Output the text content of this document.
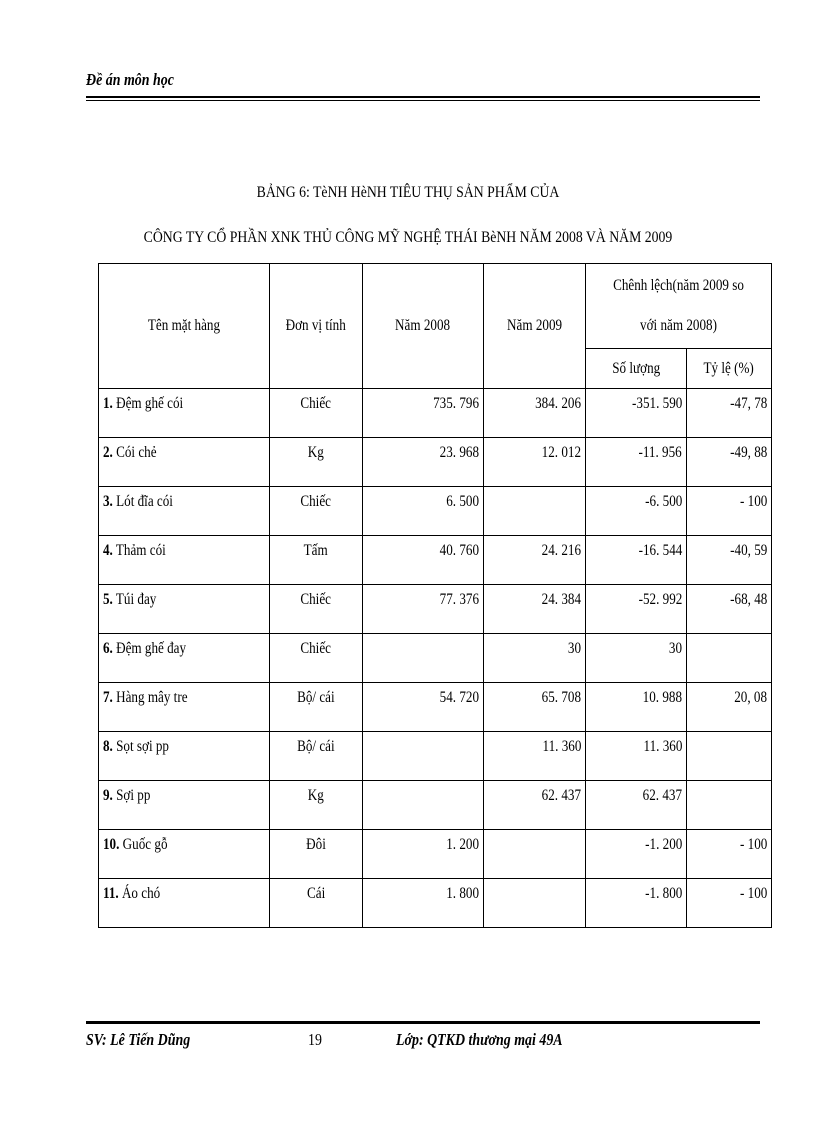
Đề án môn học
BẢNG 6: TèNH HèNH TIÊU THỤ SẢN PHẨM CỦA
CÔNG TY CỔ PHẦN XNK THỦ CÔNG MỸ NGHỆ THÁI BèNH NĂM 2008 VÀ NĂM 2009
Tên mặt hàng	Đơn vị tính	Năm 2008	Năm 2009	Chênh lệch(năm 2009 so với năm 2008)	
				Số lượng	Tỷ lệ (%)
1. Đệm ghế cói	Chiếc	735. 796	384. 206	-351. 590	-47, 78
2. Cói chẻ	Kg	23. 968	12. 012	-11. 956	-49, 88
3. Lót đĩa cói	Chiếc	6. 500		-6. 500	- 100
4. Thảm cói	Tấm	40. 760	24. 216	-16. 544	-40, 59
5. Túi đay	Chiếc	77. 376	24. 384	-52. 992	-68, 48
6. Đệm ghế đay	Chiếc		30	30	
7. Hàng mây tre	Bộ/ cái	54. 720	65. 708	10. 988	20, 08
8. Sọt sợi pp	Bộ/ cái		11. 360	11. 360	
9. Sợi pp	Kg		62. 437	62. 437	
10. Guốc gỗ	Đôi	1. 200		-1. 200	- 100
11. Áo chó	Cái	1. 800		-1. 800	- 100
SV: Lê Tiến Dũng	19	Lớp: QTKD thương mại 49A
